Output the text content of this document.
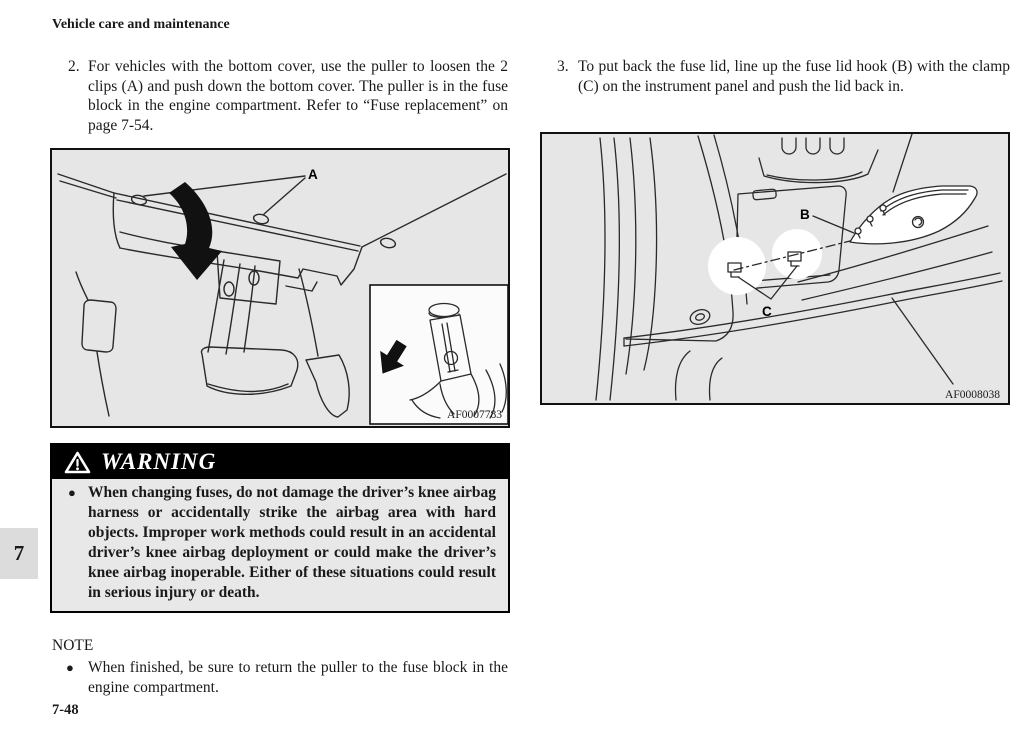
Vehicle care and maintenance
7
2. For vehicles with the bottom cover, use the puller to loosen the 2 clips (A) and push down the bottom cover. The puller is in the fuse block in the engine compartment. Refer to “Fuse replacement” on page 7-54.
3. To put back the fuse lid, line up the fuse lid hook (B) with the clamp (C) on the instrument panel and push the lid back in.
AF0007783
A
B
C
AF0008038
WARNING
● When changing fuses, do not damage the driver’s knee airbag harness or accidentally strike the airbag area with hard objects. Improper work methods could result in an accidental driver’s knee airbag deployment or could make the driver’s knee airbag inoperable. Either of these situations could result in serious injury or death.
NOTE
● When finished, be sure to return the puller to the fuse block in the engine compartment.
7-48
